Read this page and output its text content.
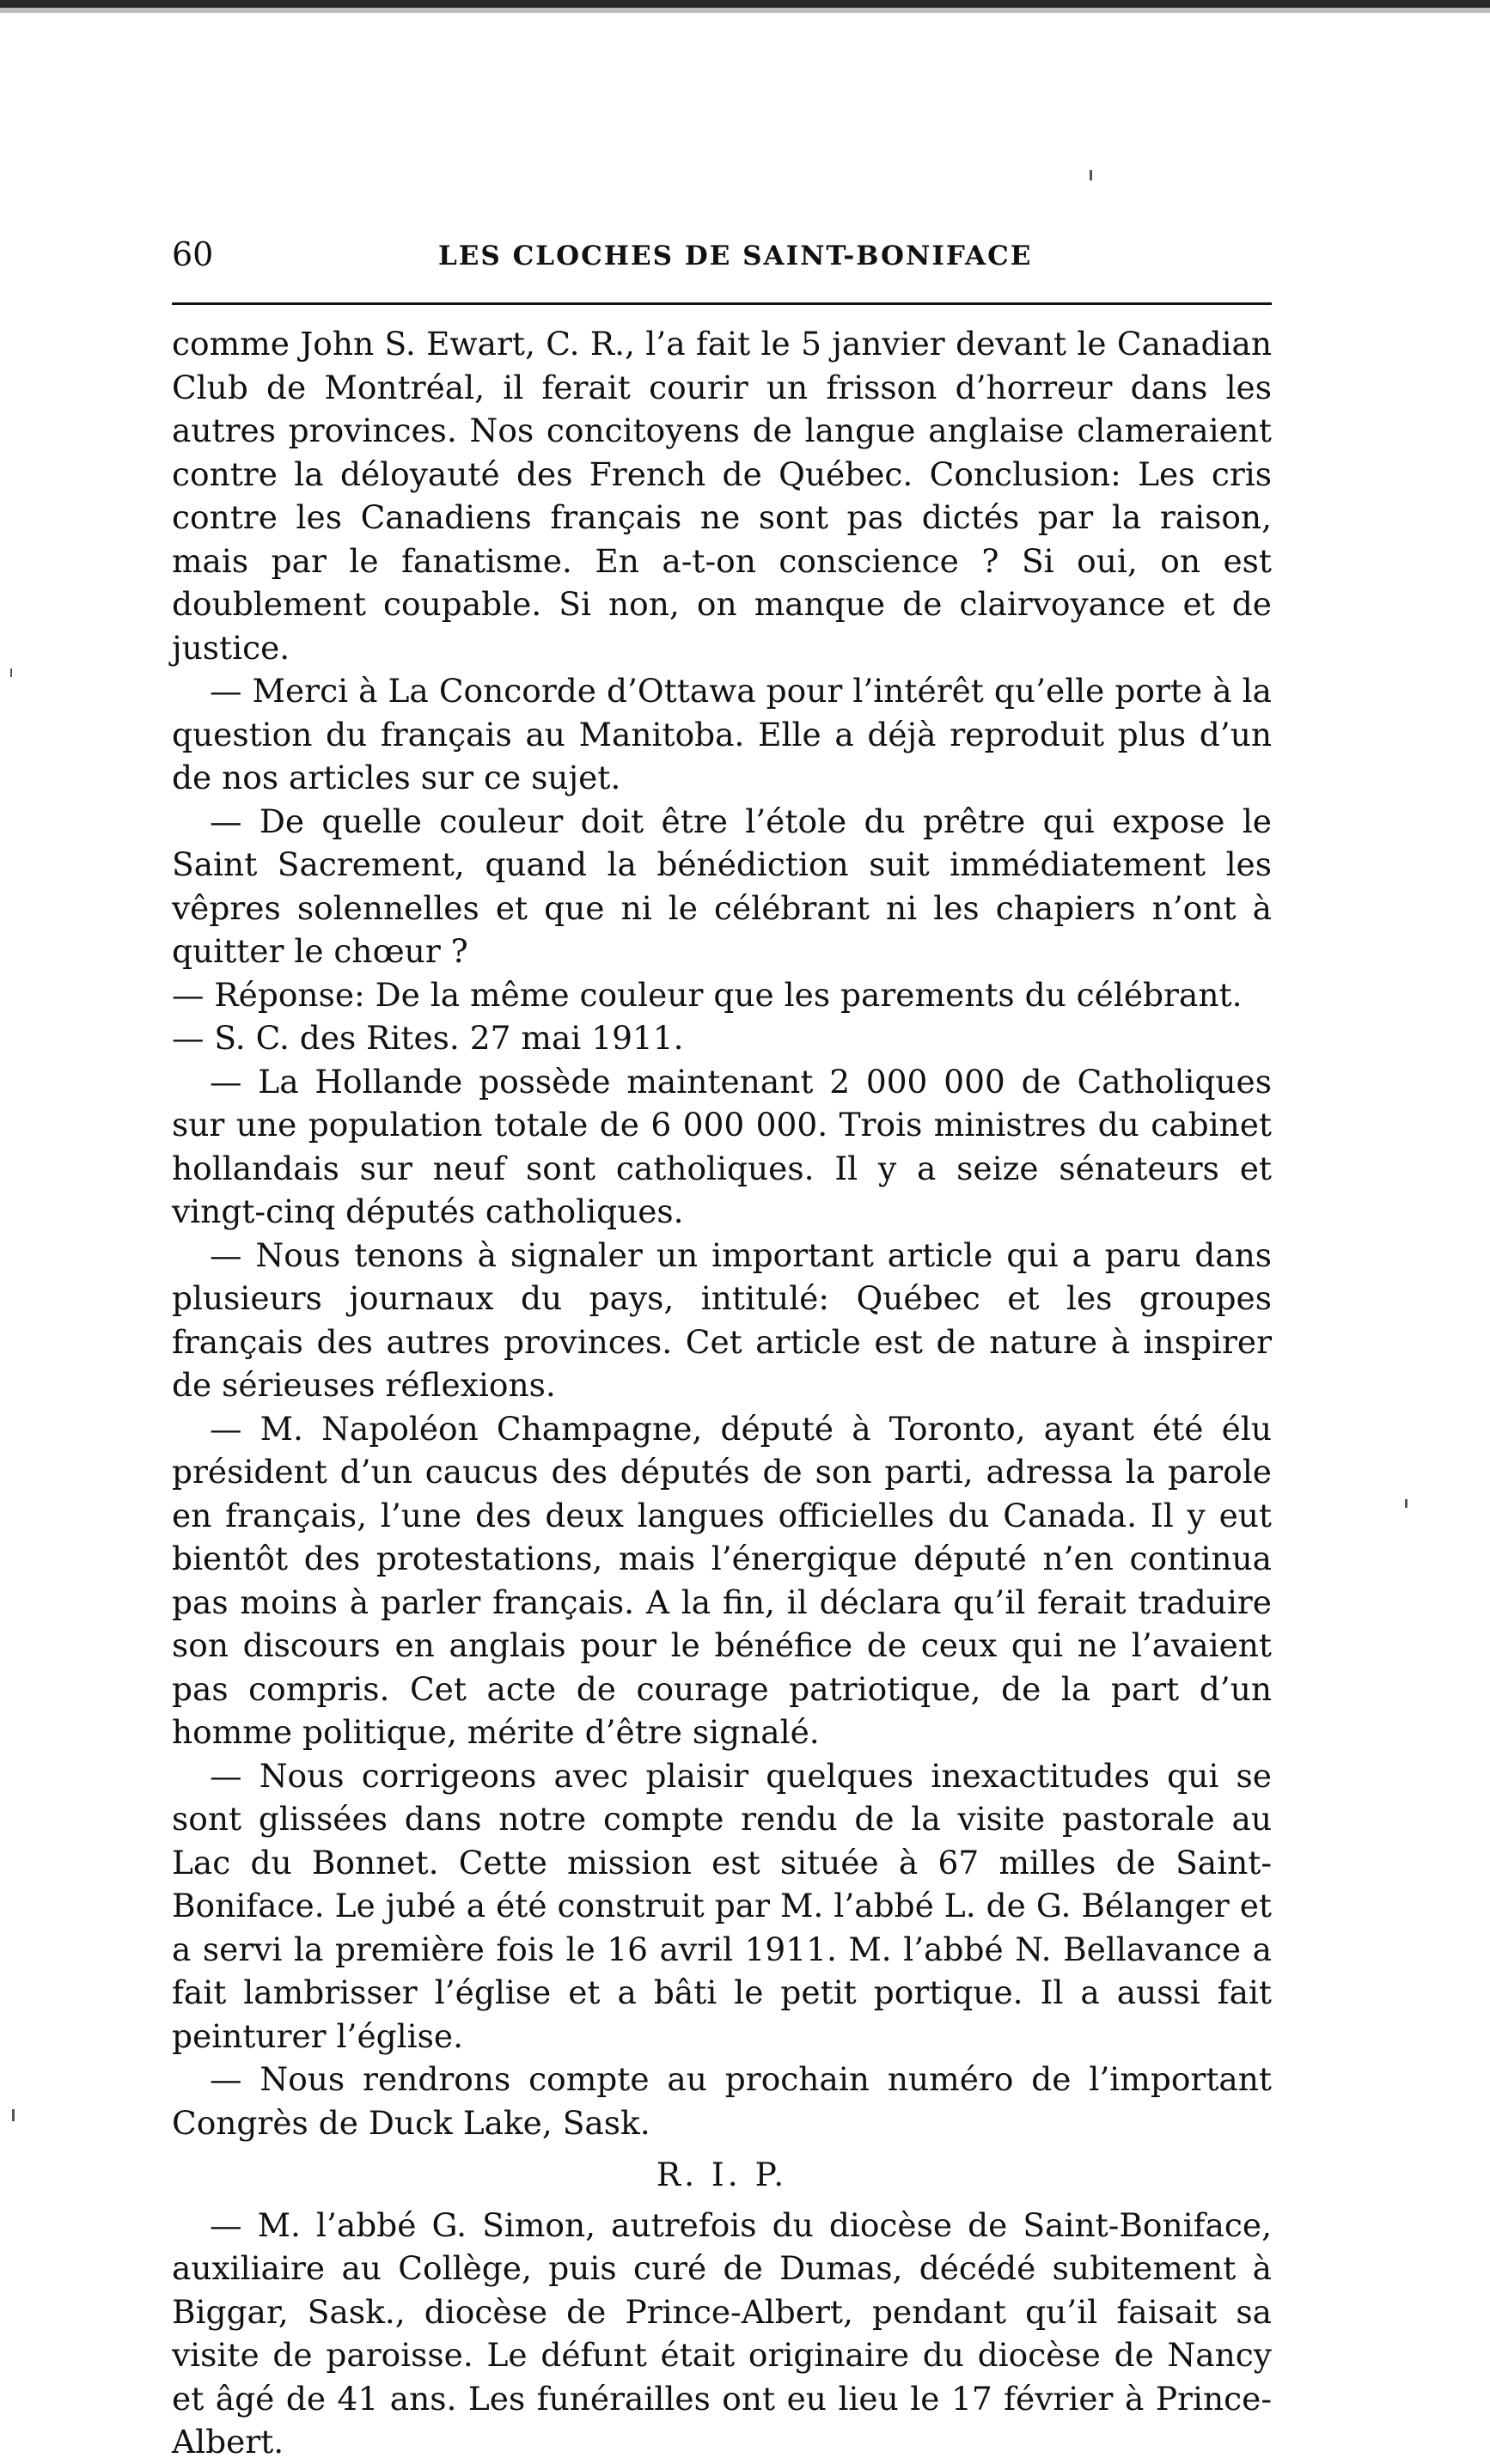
60	LES CLOCHES DE SAINT-BONIFACE

comme John S. Ewart, C. R., l’a fait le 5 janvier devant le Canadian Club de Montréal, il ferait courir un frisson d’horreur dans les autres provinces. Nos concitoyens de langue anglaise clameraient contre la déloyauté des French de Québec. Conclusion: Les cris contre les Canadiens français ne sont pas dictés par la raison, mais par le fanatisme. En a-t-on conscience ? Si oui, on est doublement coupable. Si non, on manque de clairvoyance et de justice.

— Merci à La Concorde d’Ottawa pour l’intérêt qu’elle porte à la question du français au Manitoba. Elle a déjà reproduit plus d’un de nos articles sur ce sujet.

— De quelle couleur doit être l’étole du prêtre qui expose le Saint Sacrement, quand la bénédiction suit immédiatement les vêpres solennelles et que ni le célébrant ni les chapiers n’ont à quitter le chœur ?

— Réponse: De la même couleur que les parements du célébrant.

— S. C. des Rites. 27 mai 1911.

— La Hollande possède maintenant 2 000 000 de Catholiques sur une population totale de 6 000 000. Trois ministres du cabinet hollandais sur neuf sont catholiques. Il y a seize sénateurs et vingt-cinq députés catholiques.

— Nous tenons à signaler un important article qui a paru dans plusieurs journaux du pays, intitulé: Québec et les groupes français des autres provinces. Cet article est de nature à inspirer de sérieuses réflexions.

— M. Napoléon Champagne, député à Toronto, ayant été élu président d’un caucus des députés de son parti, adressa la parole en français, l’une des deux langues officielles du Canada. Il y eut bientôt des protestations, mais l’énergique député n’en continua pas moins à parler français. A la fin, il déclara qu’il ferait traduire son discours en anglais pour le bénéfice de ceux qui ne l’avaient pas compris. Cet acte de courage patriotique, de la part d’un homme politique, mérite d’être signalé.

— Nous corrigeons avec plaisir quelques inexactitudes qui se sont glissées dans notre compte rendu de la visite pastorale au Lac du Bonnet. Cette mission est située à 67 milles de Saint-Boniface. Le jubé a été construit par M. l’abbé L. de G. Bélanger et a servi la première fois le 16 avril 1911. M. l’abbé N. Bellavance a fait lambrisser l’église et a bâti le petit portique. Il a aussi fait peinturer l’église.

— Nous rendrons compte au prochain numéro de l’important Congrès de Duck Lake, Sask.

R. I. P.

— M. l’abbé G. Simon, autrefois du diocèse de Saint-Boniface, auxiliaire au Collège, puis curé de Dumas, décédé subitement à Biggar, Sask., diocèse de Prince-Albert, pendant qu’il faisait sa visite de paroisse. Le défunt était originaire du diocèse de Nancy et âgé de 41 ans. Les funérailles ont eu lieu le 17 février à Prince-Albert.
